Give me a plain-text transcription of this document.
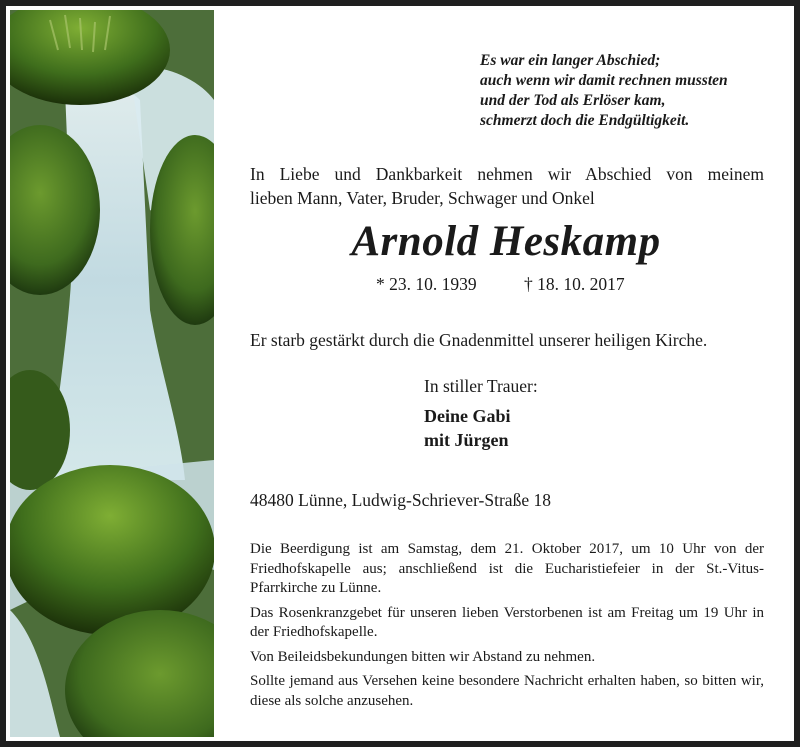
Es war ein langer Abschied;
auch wenn wir damit rechnen mussten
und der Tod als Erlöser kam,
schmerzt doch die Endgültigkeit.
In Liebe und Dankbarkeit nehmen wir Abschied von meinem
lieben Mann, Vater, Bruder, Schwager und Onkel
Arnold Heskamp
* 23. 10. 1939	† 18. 10. 2017
Er starb gestärkt durch die Gnadenmittel unserer heiligen Kirche.
In stiller Trauer:
Deine Gabi
mit Jürgen
48480 Lünne, Ludwig-Schriever-Straße 18

Die Beerdigung ist am Samstag, dem 21. Oktober 2017, um 10 Uhr von der Friedhofskapelle aus; anschließend ist die Eucharistiefeier in der St.-Vitus-Pfarrkirche zu Lünne.

Das Rosenkranzgebet für unseren lieben Verstorbenen ist am Freitag um 19 Uhr in der Friedhofskapelle.

Von Beileidsbekundungen bitten wir Abstand zu nehmen.

Sollte jemand aus Versehen keine besondere Nachricht erhalten haben, so bitten wir, diese als solche anzusehen.
